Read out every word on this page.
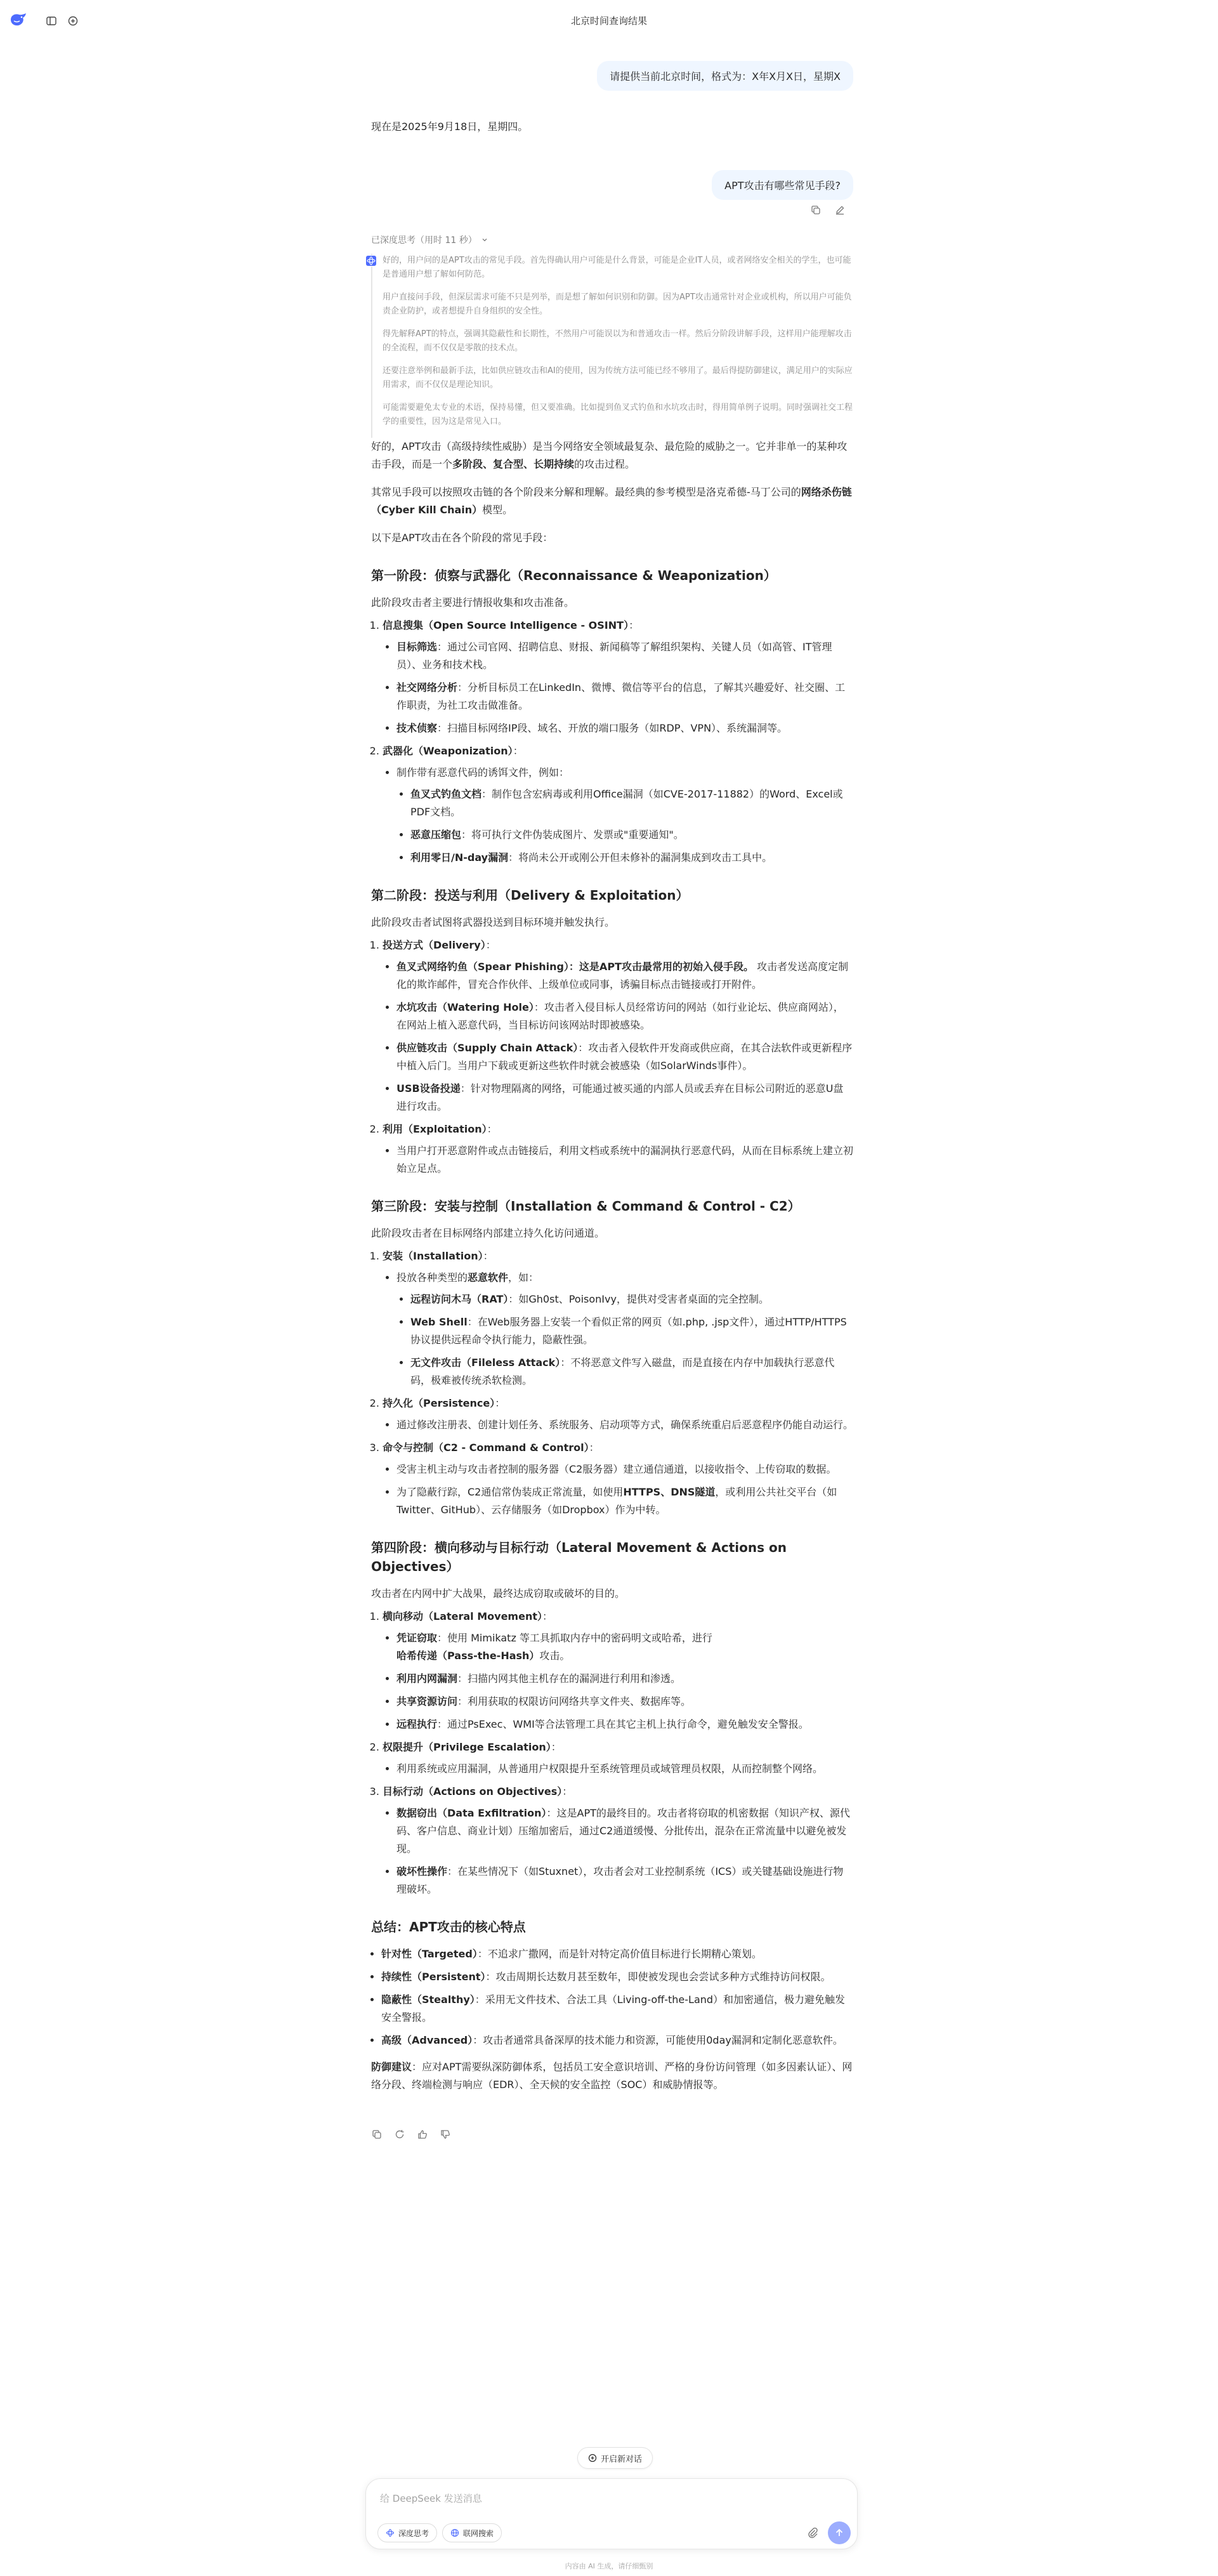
北京时间查询结果
请提供当前北京时间，格式为：X年X月X日，星期X
现在是2025年9月18日，星期四。
APT攻击有哪些常见手段?
已深度思考（用时 11 秒）

好的，用户问的是APT攻击的常见手段。首先得确认用户可能是什么背景，可能是企业IT人员，或者网络安全相关的学生，也可能是普通用户想了解如何防范。

用户直接问手段，但深层需求可能不只是列举，而是想了解如何识别和防御。因为APT攻击通常针对企业或机构，所以用户可能负责企业防护，或者想提升自身组织的安全性。

得先解释APT的特点，强调其隐蔽性和长期性，不然用户可能误以为和普通攻击一样。然后分阶段讲解手段，这样用户能理解攻击的全流程，而不仅仅是零散的技术点。

还要注意举例和最新手法，比如供应链攻击和AI的使用，因为传统方法可能已经不够用了。最后得提防御建议，满足用户的实际应用需求，而不仅仅是理论知识。

可能需要避免太专业的术语，保持易懂，但又要准确。比如提到鱼叉式钓鱼和水坑攻击时，得用简单例子说明。同时强调社交工程学的重要性，因为这是常见入口。

好的，APT攻击（高级持续性威胁）是当今网络安全领域最复杂、最危险的威胁之一。它并非单一的某种攻击手段，而是一个多阶段、复合型、长期持续的攻击过程。

其常见手段可以按照攻击链的各个阶段来分解和理解。最经典的参考模型是洛克希德-马丁公司的网络杀伤链（Cyber Kill Chain）模型。

以下是APT攻击在各个阶段的常见手段：

第一阶段：侦察与武器化（Reconnaissance & Weaponization）

此阶段攻击者主要进行情报收集和攻击准备。

1. 信息搜集（Open Source Intelligence - OSINT）：
• 目标筛选：通过公司官网、招聘信息、财报、新闻稿等了解组织架构、关键人员（如高管、IT管理员）、业务和技术栈。
• 社交网络分析：分析目标员工在LinkedIn、微博、微信等平台的信息，了解其兴趣爱好、社交圈、工作职责，为社工攻击做准备。
• 技术侦察：扫描目标网络IP段、域名、开放的端口服务（如RDP、VPN）、系统漏洞等。
2. 武器化（Weaponization）：
• 制作带有恶意代码的诱饵文件，例如：
• 鱼叉式钓鱼文档：制作包含宏病毒或利用Office漏洞（如CVE-2017-11882）的Word、Excel或PDF文档。
• 恶意压缩包：将可执行文件伪装成图片、发票或"重要通知"。
• 利用零日/N-day漏洞：将尚未公开或刚公开但未修补的漏洞集成到攻击工具中。
第二阶段：投送与利用（Delivery & Exploitation）

此阶段攻击者试图将武器投送到目标环境并触发执行。

1. 投送方式（Delivery）：
• 鱼叉式网络钓鱼（Spear Phishing）：这是APT攻击最常用的初始入侵手段。 攻击者发送高度定制化的欺诈邮件，冒充合作伙伴、上级单位或同事，诱骗目标点击链接或打开附件。
• 水坑攻击（Watering Hole）：攻击者入侵目标人员经常访问的网站（如行业论坛、供应商网站），在网站上植入恶意代码，当目标访问该网站时即被感染。
• 供应链攻击（Supply Chain Attack）：攻击者入侵软件开发商或供应商，在其合法软件或更新程序中植入后门。当用户下载或更新这些软件时就会被感染（如SolarWinds事件）。
• USB设备投递：针对物理隔离的网络，可能通过被买通的内部人员或丢弃在目标公司附近的恶意U盘进行攻击。
2. 利用（Exploitation）：
• 当用户打开恶意附件或点击链接后，利用文档或系统中的漏洞执行恶意代码，从而在目标系统上建立初始立足点。
第三阶段：安装与控制（Installation & Command & Control - C2）

此阶段攻击者在目标网络内部建立持久化访问通道。

1. 安装（Installation）：
• 投放各种类型的恶意软件，如：
• 远程访问木马（RAT）：如Gh0st、PoisonIvy，提供对受害者桌面的完全控制。
• Web Shell：在Web服务器上安装一个看似正常的网页（如.php, .jsp文件），通过HTTP/HTTPS协议提供远程命令执行能力，隐蔽性强。
• 无文件攻击（Fileless Attack）：不将恶意文件写入磁盘，而是直接在内存中加载执行恶意代码，极难被传统杀软检测。
2. 持久化（Persistence）：
• 通过修改注册表、创建计划任务、系统服务、启动项等方式，确保系统重启后恶意程序仍能自动运行。
3. 命令与控制（C2 - Command & Control）：
• 受害主机主动与攻击者控制的服务器（C2服务器）建立通信通道，以接收指令、上传窃取的数据。
• 为了隐蔽行踪，C2通信常伪装成正常流量，如使用HTTPS、DNS隧道，或利用公共社交平台（如Twitter、GitHub）、云存储服务（如Dropbox）作为中转。
第四阶段：横向移动与目标行动（Lateral Movement & Actions on Objectives）

攻击者在内网中扩大战果，最终达成窃取或破坏的目的。

1. 横向移动（Lateral Movement）：
• 凭证窃取：使用 Mimikatz 等工具抓取内存中的密码明文或哈希，进行哈希传递（Pass-the-Hash）攻击。
• 利用内网漏洞：扫描内网其他主机存在的漏洞进行利用和渗透。
• 共享资源访问：利用获取的权限访问网络共享文件夹、数据库等。
• 远程执行：通过PsExec、WMI等合法管理工具在其它主机上执行命令，避免触发安全警报。
2. 权限提升（Privilege Escalation）：
• 利用系统或应用漏洞，从普通用户权限提升至系统管理员或域管理员权限，从而控制整个网络。
3. 目标行动（Actions on Objectives）：
• 数据窃出（Data Exfiltration）：这是APT的最终目的。攻击者将窃取的机密数据（知识产权、源代码、客户信息、商业计划）压缩加密后，通过C2通道缓慢、分批传出，混杂在正常流量中以避免被发现。
• 破坏性操作：在某些情况下（如Stuxnet），攻击者会对工业控制系统（ICS）或关键基础设施进行物理破坏。
总结：APT攻击的核心特点
• 针对性（Targeted）：不追求广撒网，而是针对特定高价值目标进行长期精心策划。
• 持续性（Persistent）：攻击周期长达数月甚至数年，即使被发现也会尝试多种方式维持访问权限。
• 隐蔽性（Stealthy）：采用无文件技术、合法工具（Living-off-the-Land）和加密通信，极力避免触发安全警报。
• 高级（Advanced）：攻击者通常具备深厚的技术能力和资源，可能使用0day漏洞和定制化恶意软件。

防御建议：应对APT需要纵深防御体系，包括员工安全意识培训、严格的身份访问管理（如多因素认证）、网络分段、终端检测与响应（EDR）、全天候的安全监控（SOC）和威胁情报等。

开启新对话
给 DeepSeek 发送消息
深度思考	联网搜索
内容由 AI 生成，请仔细甄别
